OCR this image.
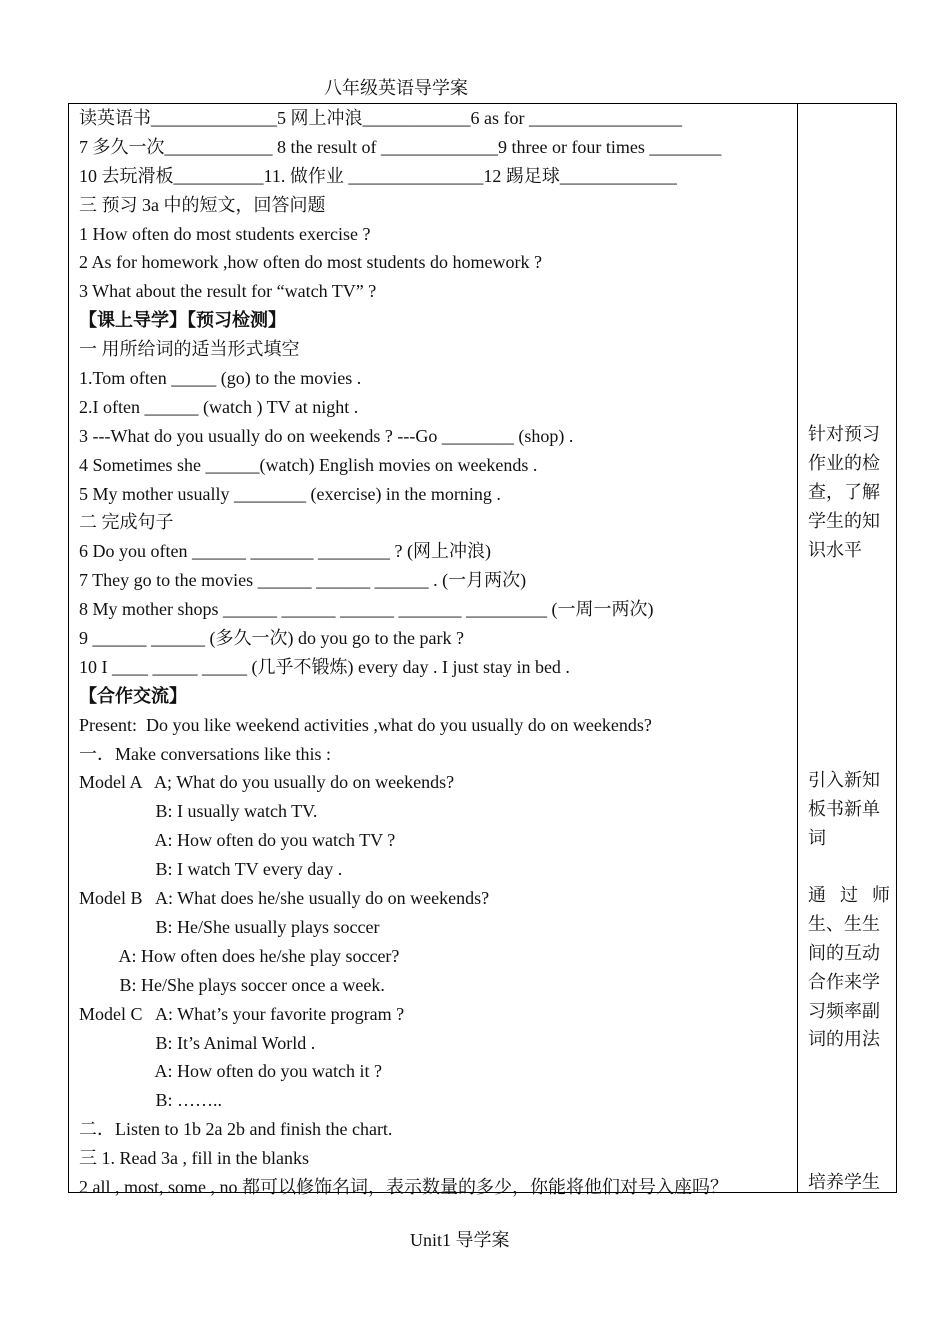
八年级英语导学案
读英语书______________5 网上冲浪____________6 as for _________________
7 多久一次____________ 8 the result of _____________9 three or four times ________
10 去玩滑板__________11. 做作业 _______________12 踢足球_____________
三 预习 3a 中的短文，回答问题
1 How often do most students exercise ?
2 As for homework ,how often do most students do homework ?
3 What about the result for “watch TV” ?
【课上导学】【预习检测】
一 用所给词的适当形式填空
1.Tom often _____ (go) to the movies .
2.I often ______ (watch ) TV at night .
3 ---What do you usually do on weekends ? ---Go ________ (shop) .
4 Sometimes she ______(watch) English movies on weekends .
5 My mother usually ________ (exercise) in the morning .
二 完成句子
6 Do you often ______ _______ ________ ? (网上冲浪)
7 They go to the movies ______ ______ ______ . (一月两次)
8 My mother shops ______ ______ ______ _______ _________ (一周一两次)
9 ______ ______ (多久一次) do you go to the park ?
10 I ____ _____ _____ (几乎不锻炼) every day . I just stay in bed .
【合作交流】
Present:  Do you like weekend activities ,what do you usually do on weekends?
一．Make conversations like this :
Model A   A; What do you usually do on weekends?
B: I usually watch TV.
A: How often do you watch TV ?
B: I watch TV every day .
Model B   A: What does he/she usually do on weekends?
B: He/She usually plays soccer
A: How often does he/she play soccer?
B: He/She plays soccer once a week.
Model C   A: What’s your favorite program ?
B: It’s Animal World .
A: How often do you watch it ?
B: ……..
二．Listen to 1b 2a 2b and finish the chart.
三 1. Read 3a , fill in the blanks
2 all , most, some , no 都可以修饰名词，表示数量的多少，你能将他们对号入座吗？
针对预习
作业的检
查，了解
学生的知
识水平
引入新知
板书新单
词
通过师
生、生生
间的互动
合作来学
习频率副
词的用法
培养学生
Unit1 导学案
